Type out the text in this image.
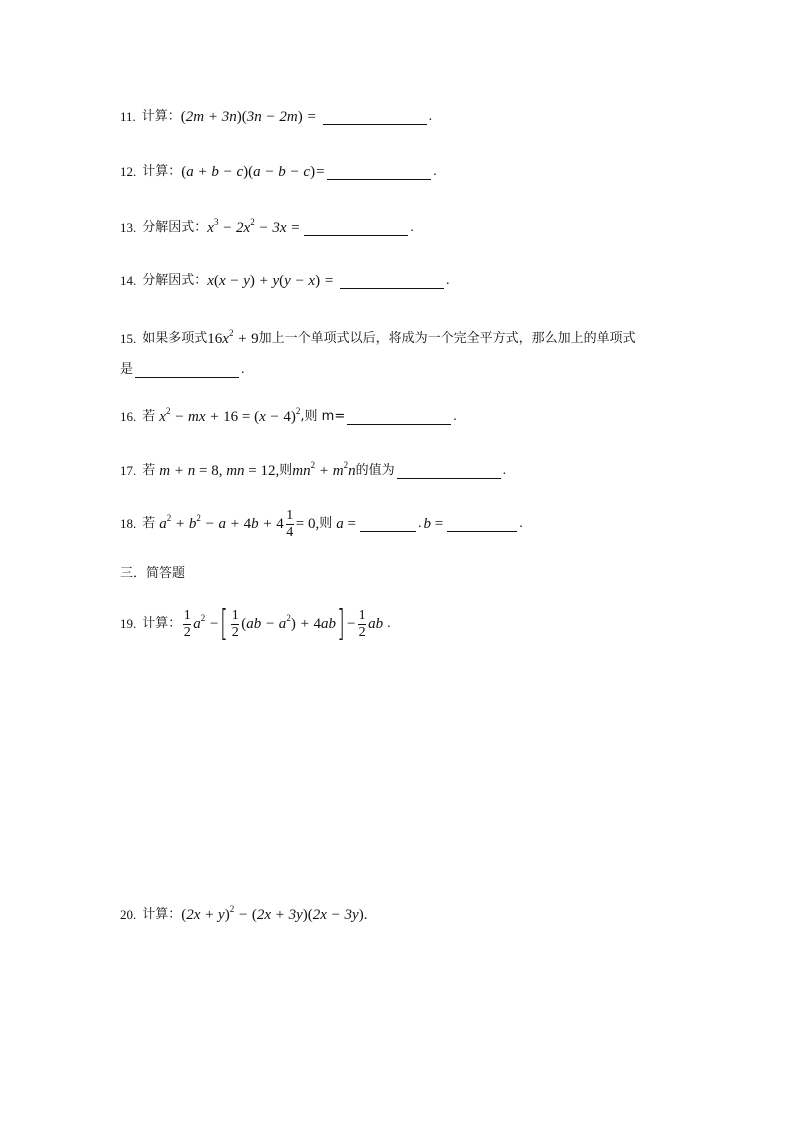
11. 计算： (2m + 3n)(3n − 2m) =	.
12. 计算： (a + b − c)(a − b − c)=	.
13. 分解因式： $x^3 - 2x^2 - 3x$ =	.
14. 分解因式： x(x − y) + y(y − x) =	.
15. 如果多项式 $16x^2 + 9$ 加上一个单项式以后，将成为一个完全平方式，那么加上的单项式
是	.
16. 若 $x^2$ − mx + $16 = (x - 4)^2$ ,则 m=	.
17. 若 m + n = 8, mn = 12, 则 $mn^2 + m^2n$ 的值为	.
18. 若 $a^2 + b^2 - a + 4b + 4 \frac{1}{4} = 0$, 则 a =	. b =	.
三．简答题
19. 计算： $\frac{1}{2} a^2$ − [ $\frac{1}{2} (ab - a^2) + 4ab$ ] − $\frac{1}{2}$ ab .
20. 计算： $(2x + y)^2 - (2x + 3y)(2x - 3y)$.
